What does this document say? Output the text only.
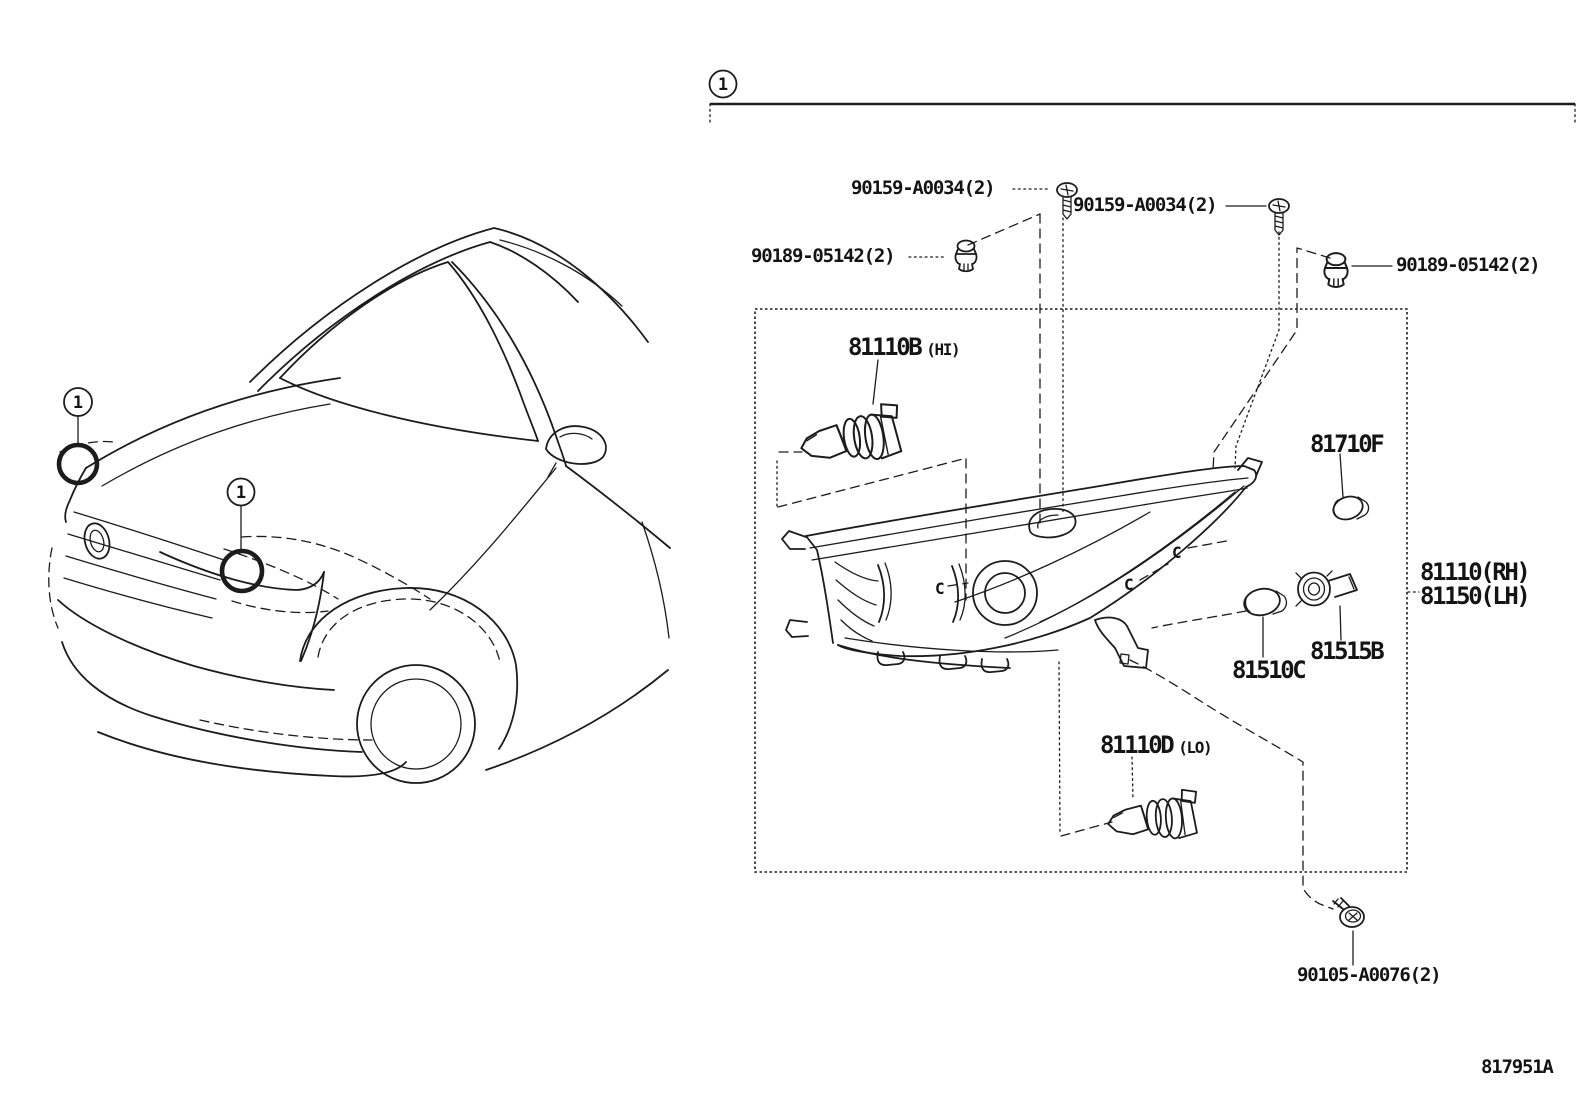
1
1
1
C	C
C
90159-A0034(2)
90159-A0034(2)
90189-05142(2)	90189-05142(2)
81110B (HI)
81710F
81110(RH)
81150(LH)
81515B
81510C
81110D (LO)
90105-A0076(2)
817951A
